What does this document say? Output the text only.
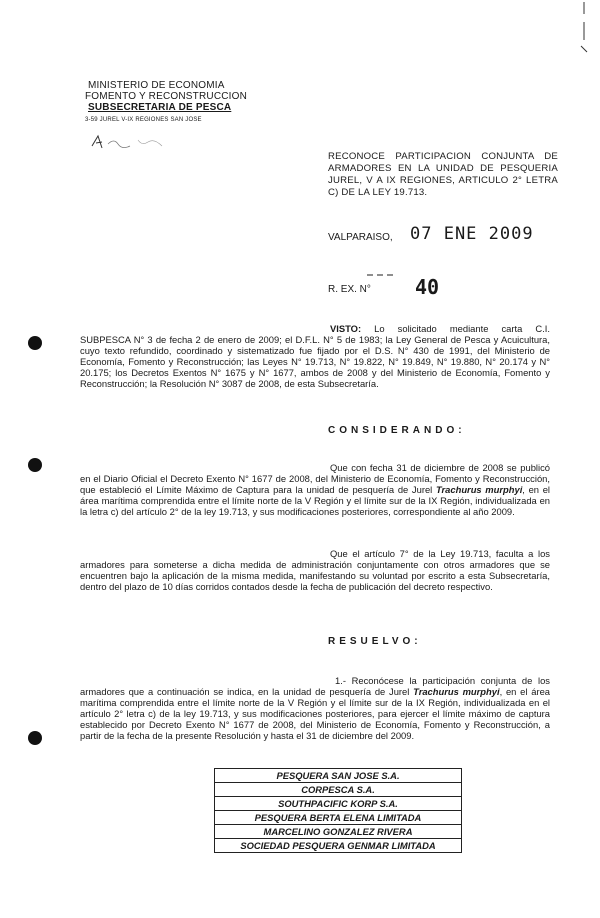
MINISTERIO DE ECONOMIA
FOMENTO Y RECONSTRUCCION
SUBSECRETARIA DE PESCA
3-59 JUREL V-IX REGIONES SAN JOSE
RECONOCE PARTICIPACION CONJUNTA DE ARMADORES EN LA UNIDAD DE PESQUERIA JUREL, V A IX REGIONES, ARTICULO 2° LETRA C) DE LA LEY 19.713.
VALPARAISO, 07 ENE 2009
R. EX. N° 40
VISTO: Lo solicitado mediante carta C.I. SUBPESCA N° 3 de fecha 2 de enero de 2009; el D.F.L. N° 5 de 1983; la Ley General de Pesca y Acuicultura, cuyo texto refundido, coordinado y sistematizado fue fijado por el D.S. N° 430 de 1991, del Ministerio de Economía, Fomento y Reconstrucción; las Leyes N° 19.713, N° 19.822, N° 19.849, N° 19.880, N° 20.174 y N° 20.175; los Decretos Exentos N° 1675 y N° 1677, ambos de 2008 y del Ministerio de Economía, Fomento y Reconstrucción; la Resolución N° 3087 de 2008, de esta Subsecretaría.
CONSIDERANDO:
Que con fecha 31 de diciembre de 2008 se publicó en el Diario Oficial el Decreto Exento N° 1677 de 2008, del Ministerio de Economía, Fomento y Reconstrucción, que estableció el Límite Máximo de Captura para la unidad de pesquería de Jurel Trachurus murphyi, en el área marítima comprendida entre el límite norte de la V Región y el límite sur de la IX Región, individualizada en la letra c) del artículo 2° de la ley 19.713, y sus modificaciones posteriores, correspondiente al año 2009.
Que el artículo 7° de la Ley 19.713, faculta a los armadores para someterse a dicha medida de administración conjuntamente con otros armadores que se encuentren bajo la aplicación de la misma medida, manifestando su voluntad por escrito a esta Subsecretaría, dentro del plazo de 10 días corridos contados desde la fecha de publicación del decreto respectivo.
RESUELVO:
1.- Reconócese la participación conjunta de los armadores que a continuación se indica, en la unidad de pesquería de Jurel Trachurus murphyi, en el área marítima comprendida entre el límite norte de la V Región y el límite sur de la IX Región, individualizada en el artículo 2° letra c) de la ley 19.713, y sus modificaciones posteriores, para ejercer el límite máximo de captura establecido por Decreto Exento N° 1677 de 2008, del Ministerio de Economía, Fomento y Reconstrucción, a partir de la fecha de la presente Resolución y hasta el 31 de diciembre del 2009.
PESQUERA SAN JOSE S.A.
CORPESCA S.A.
SOUTHPACIFIC KORP S.A.
PESQUERA BERTA ELENA LIMITADA
MARCELINO GONZALEZ RIVERA
SOCIEDAD PESQUERA GENMAR LIMITADA
